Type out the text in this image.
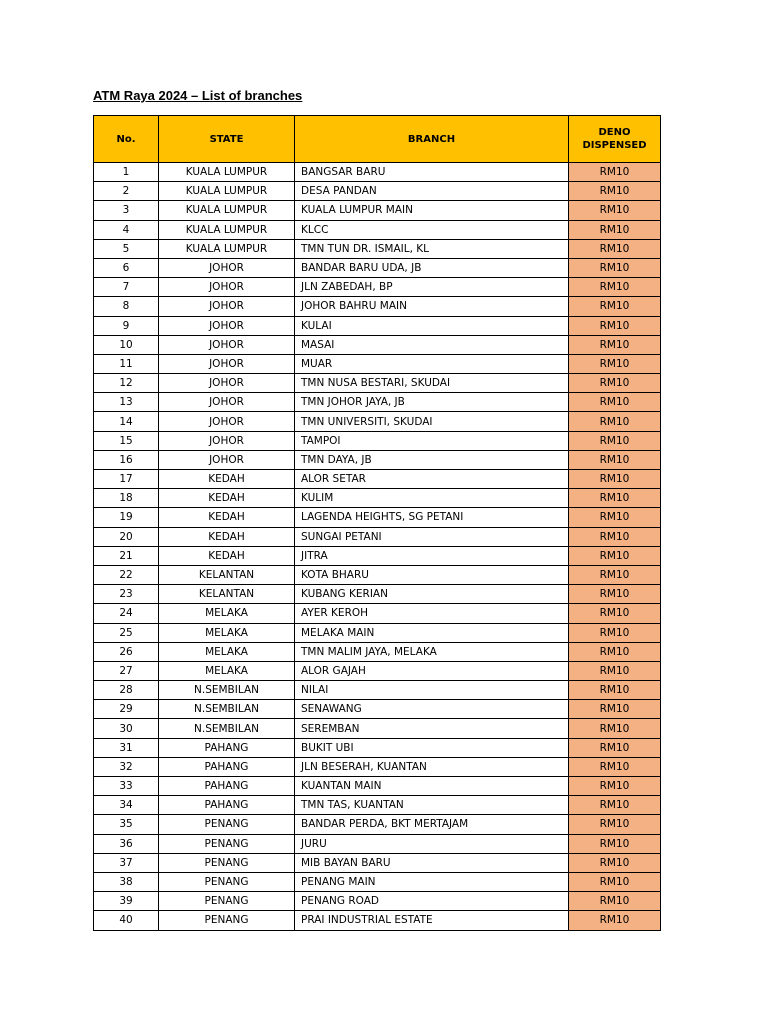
ATM Raya 2024 – List of branches
No.	STATE	BRANCH	DENO DISPENSED
1	KUALA LUMPUR	BANGSAR BARU	RM10
2	KUALA LUMPUR	DESA PANDAN	RM10
3	KUALA LUMPUR	KUALA LUMPUR MAIN	RM10
4	KUALA LUMPUR	KLCC	RM10
5	KUALA LUMPUR	TMN TUN DR. ISMAIL, KL	RM10
6	JOHOR	BANDAR BARU UDA, JB	RM10
7	JOHOR	JLN ZABEDAH, BP	RM10
8	JOHOR	JOHOR BAHRU MAIN	RM10
9	JOHOR	KULAI	RM10
10	JOHOR	MASAI	RM10
11	JOHOR	MUAR	RM10
12	JOHOR	TMN NUSA BESTARI, SKUDAI	RM10
13	JOHOR	TMN JOHOR JAYA, JB	RM10
14	JOHOR	TMN UNIVERSITI, SKUDAI	RM10
15	JOHOR	TAMPOI	RM10
16	JOHOR	TMN DAYA, JB	RM10
17	KEDAH	ALOR SETAR	RM10
18	KEDAH	KULIM	RM10
19	KEDAH	LAGENDA HEIGHTS, SG PETANI	RM10
20	KEDAH	SUNGAI PETANI	RM10
21	KEDAH	JITRA	RM10
22	KELANTAN	KOTA BHARU	RM10
23	KELANTAN	KUBANG KERIAN	RM10
24	MELAKA	AYER KEROH	RM10
25	MELAKA	MELAKA MAIN	RM10
26	MELAKA	TMN MALIM JAYA, MELAKA	RM10
27	MELAKA	ALOR GAJAH	RM10
28	N.SEMBILAN	NILAI	RM10
29	N.SEMBILAN	SENAWANG	RM10
30	N.SEMBILAN	SEREMBAN	RM10
31	PAHANG	BUKIT UBI	RM10
32	PAHANG	JLN BESERAH, KUANTAN	RM10
33	PAHANG	KUANTAN MAIN	RM10
34	PAHANG	TMN TAS, KUANTAN	RM10
35	PENANG	BANDAR PERDA, BKT MERTAJAM	RM10
36	PENANG	JURU	RM10
37	PENANG	MIB BAYAN BARU	RM10
38	PENANG	PENANG MAIN	RM10
39	PENANG	PENANG ROAD	RM10
40	PENANG	PRAI INDUSTRIAL ESTATE	RM10
